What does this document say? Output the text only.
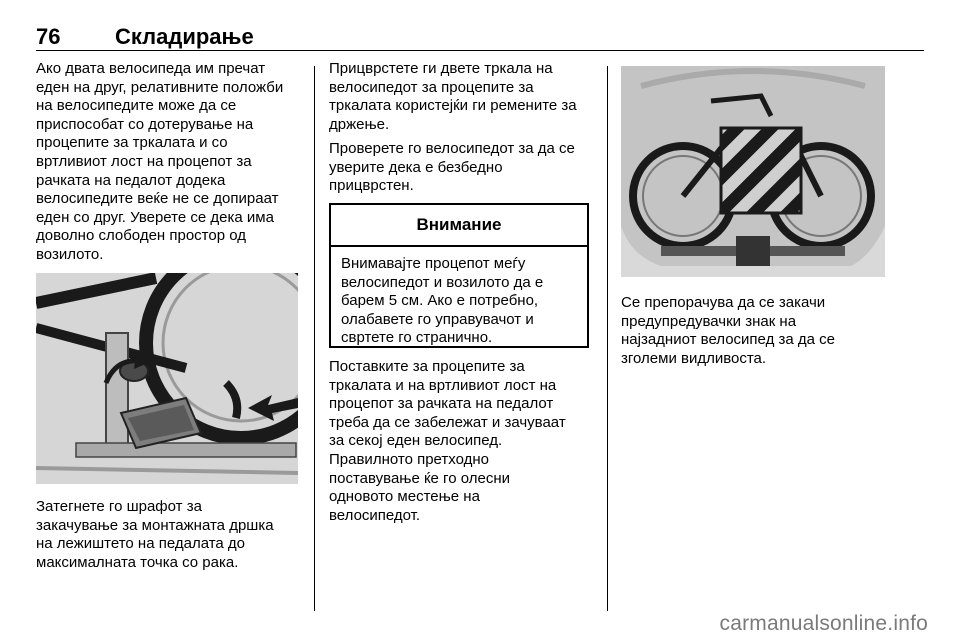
76 Складирање
Ако двата велосипеда им пречат
еден на друг, релативните положби
на велосипедите може да се
приспособат со дотерување на
процепите за тркалата и со
вртливиот лост на процепот за
рачката на педалот додека
велосипедите веќе не се допираат
еден со друг. Уверете се дека има
доволно слободен простор од
возилото.
Затегнете го шрафот за
закачување за монтажната дршка
на лежиштето на педалата до
максималната точка со рака.
Прицврстете ги двете тркала на
велосипедот за процепите за
тркалата користејќи ги ремените за
држење.
Проверете го велосипедот за да се
уверите дека е безбедно
прицврстен.
Внимание
Внимавајте процепот меѓу
велосипедот и возилото да е
барем 5 см. Ако е потребно,
олабавете го управувачот и
свртете го странично.
Поставките за процепите за
тркалата и на вртливиот лост на
процепот за рачката на педалот
треба да се забележат и зачуваат
за секој еден велосипед.
Правилното претходно
поставување ќе го олесни
одновото местење на
велосипедот.
Се препорачува да се закачи
предупредувачки знак на
најзадниот велосипед за да се
зголеми видливоста.
carmanualsonline.info
